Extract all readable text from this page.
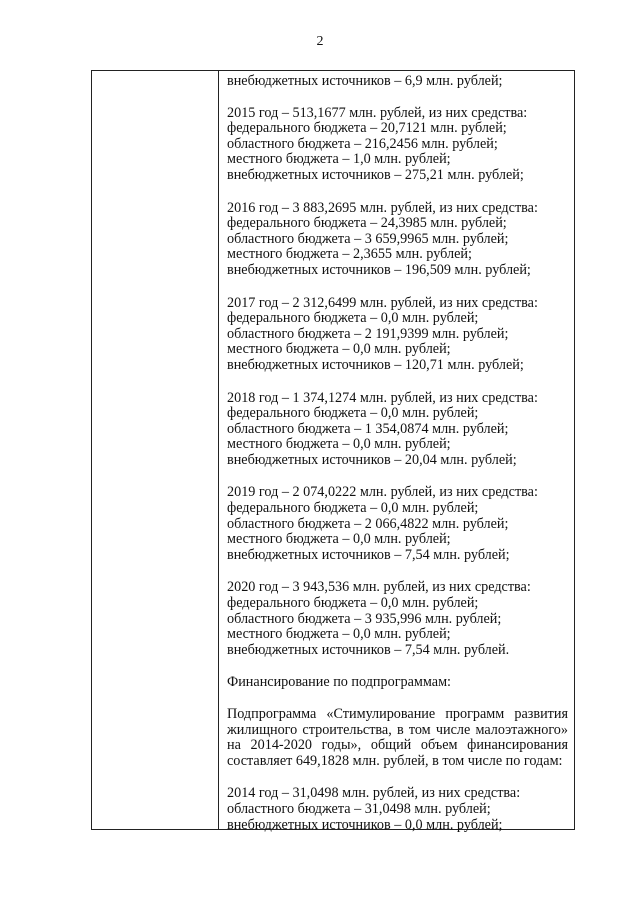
2
внебюджетных источников – 6,9 млн. рублей;
2015 год – 513,1677 млн. рублей, из них средства:
федерального бюджета – 20,7121 млн. рублей;
областного бюджета – 216,2456 млн. рублей;
местного бюджета – 1,0 млн. рублей;
внебюджетных источников – 275,21 млн. рублей;
2016 год – 3 883,2695 млн. рублей, из них средства:
федерального бюджета – 24,3985 млн. рублей;
областного бюджета – 3 659,9965 млн. рублей;
местного бюджета – 2,3655 млн. рублей;
внебюджетных источников – 196,509 млн. рублей;
2017 год – 2 312,6499 млн. рублей, из них средства:
федерального бюджета – 0,0 млн. рублей;
областного бюджета – 2 191,9399 млн. рублей;
местного бюджета – 0,0 млн. рублей;
внебюджетных источников – 120,71 млн. рублей;
2018 год – 1 374,1274 млн. рублей, из них средства:
федерального бюджета – 0,0 млн. рублей;
областного бюджета – 1 354,0874 млн. рублей;
местного бюджета – 0,0 млн. рублей;
внебюджетных источников – 20,04 млн. рублей;
2019 год – 2 074,0222 млн. рублей, из них средства:
федерального бюджета – 0,0 млн. рублей;
областного бюджета – 2 066,4822 млн. рублей;
местного бюджета – 0,0 млн. рублей;
внебюджетных источников – 7,54 млн. рублей;
2020 год – 3 943,536 млн. рублей, из них средства:
федерального бюджета – 0,0 млн. рублей;
областного бюджета – 3 935,996 млн. рублей;
местного бюджета – 0,0 млн. рублей;
внебюджетных источников – 7,54 млн. рублей.
Финансирование по подпрограммам:
Подпрограмма «Стимулирование программ развития жилищного строительства, в том числе малоэтажного» на 2014-2020 годы», общий объем финансирования составляет 649,1828 млн. рублей, в том числе по годам:
2014 год – 31,0498 млн. рублей, из них средства:
областного бюджета – 31,0498 млн. рублей;
внебюджетных источников – 0,0 млн. рублей;
